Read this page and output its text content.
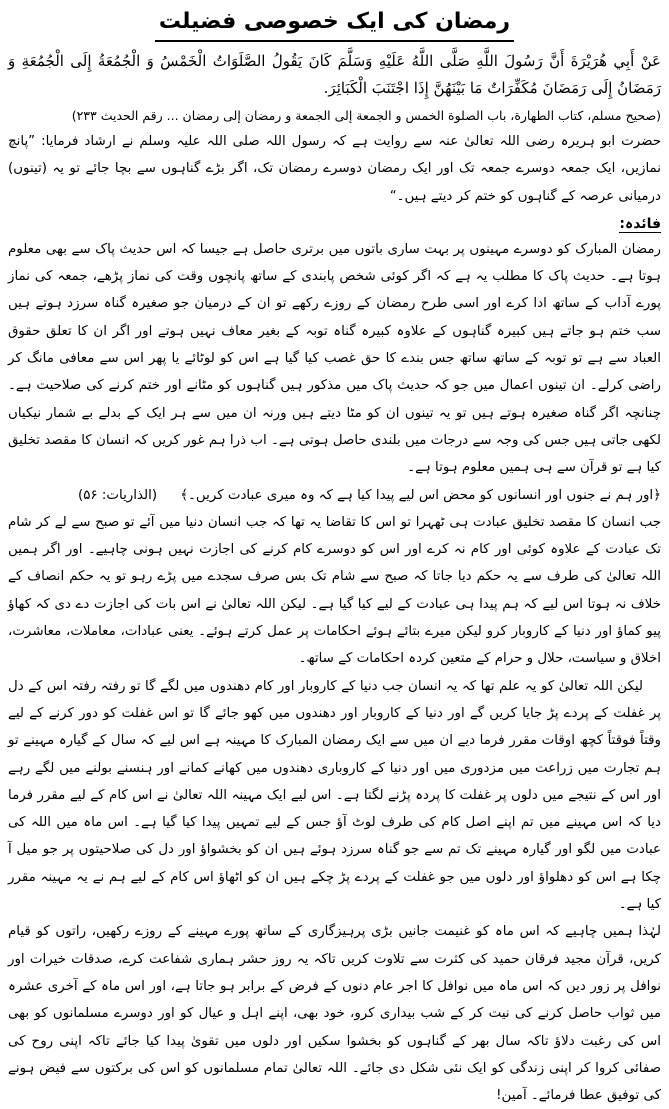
رمضان کی ایک خصوصی فضیلت

عَنْ أَبِي هُرَيْرَةَ أَنَّ رَسُولَ اللَّهِ صَلَّى اللَّهُ عَلَيْهِ وَسَلَّمَ كَانَ يَقُولُ الصَّلَوَاتُ الْخَمْسُ وَ الْجُمُعَةُ إِلَى الْجُمُعَةِ وَ رَمَضَانُ إِلَى رَمَضَانَ مُكَفِّرَاتٌ مَا بَيْنَهُنَّ إِذَا اجْتَنَبَ الْكَبَائِرَ.

(صحیح مسلم، کتاب الطهارة، باب الصلوة الخمس و الجمعة إلى الجمعة و رمضان إلى رمضان ... رقم الحديث ۲۳۳)

حضرت ابو ہریرہ رضی اللہ تعالیٰ عنہ سے روایت ہے کہ رسول اللہ صلی اللہ علیہ وسلم نے ارشاد فرمایا: ”پانچ نمازیں، ایک جمعہ دوسرے جمعہ تک اور ایک رمضان دوسرے رمضان تک، اگر بڑے گناہوں سے بچا جائے تو یہ (تینوں) درمیانی عرصہ کے گناہوں کو ختم کر دیتے ہیں۔“

فائدہ:

رمضان المبارک کو دوسرے مہینوں پر بہت ساری باتوں میں برتری حاصل ہے جیسا کہ اس حدیث پاک سے بھی معلوم ہوتا ہے۔ حدیث پاک کا مطلب یہ ہے کہ اگر کوئی شخص پابندی کے ساتھ پانچوں وقت کی نماز پڑھے، جمعہ کی نماز پورے آداب کے ساتھ ادا کرے اور اسی طرح رمضان کے روزے رکھے تو ان کے درمیان جو صغیرہ گناہ سرزد ہوتے ہیں سب ختم ہو جاتے ہیں کبیرہ گناہوں کے علاوہ کبیرہ گناہ توبہ کے بغیر معاف نہیں ہوتے اور اگر ان کا تعلق حقوق العباد سے ہے تو توبہ کے ساتھ ساتھ جس بندے کا حق غصب کیا گیا ہے اس کو لوٹائے یا پھر اس سے معافی مانگ کر راضی کرلے۔ ان تینوں اعمال میں جو کہ حدیث پاک میں مذکور ہیں گناہوں کو مٹانے اور ختم کرنے کی صلاحیت ہے۔ چنانچہ اگر گناہ صغیرہ ہوتے ہیں تو یہ تینوں ان کو مٹا دیتے ہیں ورنہ ان میں سے ہر ایک کے بدلے بے شمار نیکیاں لکھی جاتی ہیں جس کی وجہ سے درجات میں بلندی حاصل ہوتی ہے۔ اب ذرا ہم غور کریں کہ انسان کا مقصد تخلیق کیا ہے تو قرآن سے ہی ہمیں معلوم ہوتا ہے۔

﴿اور ہم نے جنوں اور انسانوں کو محض اس لیے پیدا کیا ہے کہ وہ میری عبادت کریں۔﴾
(الذاریات: ۵۶)

جب انسان کا مقصد تخلیق عبادت ہی ٹھہرا تو اس کا تقاضا یہ تھا کہ جب انسان دنیا میں آئے تو صبح سے لے کر شام تک عبادت کے علاوہ کوئی اور کام نہ کرے اور اس کو دوسرے کام کرنے کی اجازت نہیں ہونی چاہیے۔ اور اگر ہمیں اللہ تعالیٰ کی طرف سے یہ حکم دیا جاتا کہ صبح سے شام تک بس صرف سجدے میں پڑے رہو تو یہ حکم انصاف کے خلاف نہ ہوتا اس لیے کہ ہم پیدا ہی عبادت کے لیے کیا گیا ہے۔ لیکن اللہ تعالیٰ نے اس بات کی اجازت دے دی کہ کھاؤ پیو کماؤ اور دنیا کے کاروبار کرو لیکن میرے بتائے ہوئے احکامات پر عمل کرتے ہوئے۔ یعنی عبادات، معاملات، معاشرت، اخلاق و سیاست، حلال و حرام کے متعین کردہ احکامات کے ساتھ۔

لیکن اللہ تعالیٰ کو یہ علم تھا کہ یہ انسان جب دنیا کے کاروبار اور کام دھندوں میں لگے گا تو رفتہ رفتہ اس کے دل پر غفلت کے پردے پڑ جایا کریں گے اور دنیا کے کاروبار اور دھندوں میں کھو جائے گا تو اس غفلت کو دور کرنے کے لیے وقتاً فوقتاً کچھ اوقات مقرر فرما دیے ان میں سے ایک رمضان المبارک کا مہینہ ہے اس لیے کہ سال کے گیارہ مہینے تو ہم تجارت میں زراعت میں مزدوری میں اور دنیا کے کاروباری دھندوں میں کھانے کمانے اور ہنسنے بولنے میں لگے رہے اور اس کے نتیجے میں دلوں پر غفلت کا پردہ پڑنے لگتا ہے۔ اس لیے ایک مہینہ اللہ تعالیٰ نے اس کام کے لیے مقرر فرما دیا کہ اس مہینے میں تم اپنے اصل کام کی طرف لوٹ آؤ جس کے لیے تمہیں پیدا کیا گیا ہے۔ اس ماہ میں اللہ کی عبادت میں لگو اور گیارہ مہینے تک تم سے جو گناہ سرزد ہوئے ہیں ان کو بخشواؤ اور دل کی صلاحیتوں پر جو میل آ چکا ہے اس کو دھلواؤ اور دلوں میں جو غفلت کے پردے پڑ چکے ہیں ان کو اٹھاؤ اس کام کے لیے ہم نے یہ مہینہ مقرر کیا ہے۔

لہٰذا ہمیں چاہیے کہ اس ماہ کو غنیمت جانیں بڑی پرہیزگاری کے ساتھ پورے مہینے کے روزے رکھیں، راتوں کو قیام کریں، قرآن مجید فرقان حمید کی کثرت سے تلاوت کریں تاکہ یہ روز حشر ہماری شفاعت کرے، صدقات خیرات اور نوافل پر زور دیں کہ اس ماہ میں نوافل کا اجر عام دنوں کے فرض کے برابر ہو جاتا ہے، اور اس ماہ کے آخری عشرہ میں ثواب حاصل کرنے کی نیت کر کے شب بیداری کرو، خود بھی، اپنے اہل و عیال کو اور دوسرے مسلمانوں کو بھی اس کی رغبت دلاؤ تاکہ سال بھر کے گناہوں کو بخشوا سکیں اور دلوں میں تقویٰ پیدا کیا جائے تاکہ اپنی روح کی صفائی کروا کر اپنی زندگی کو ایک نئی شکل دی جائے۔ اللہ تعالیٰ تمام مسلمانوں کو اس کی برکتوں سے فیض ہونے کی توفیق عطا فرمائے۔ آمین!
